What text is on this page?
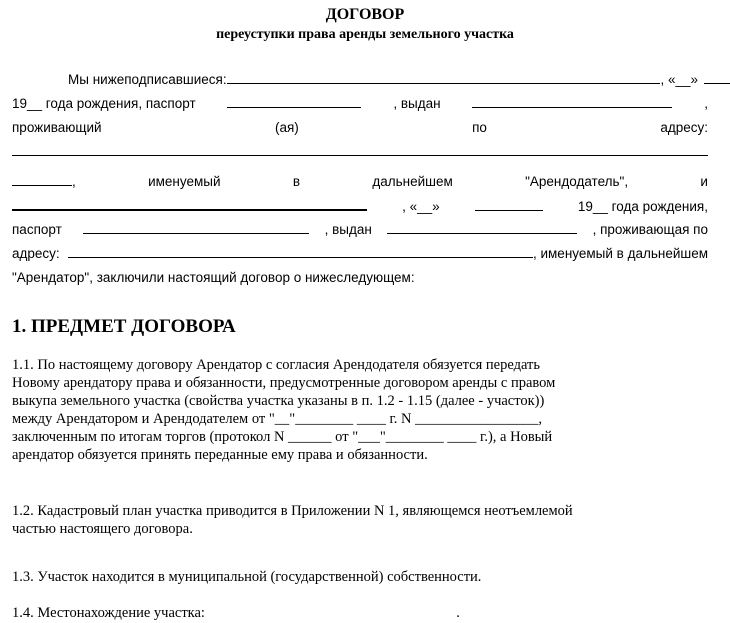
ДОГОВОР
переуступки права аренды земельного участка
Мы нижеподписавшиеся:	, «__»
19__ года рождения, паспорт	, выдан	,
проживающий	(ая)	по	адресу:
,	именуемый	в	дальнейшем	"Арендодатель",	и
, «__»	19__ года рождения,
паспорт	, выдан	, проживающая по
адресу:	, именуемый в дальнейшем
"Арендатор", заключили настоящий договор о нижеследующем:
1. ПРЕДМЕТ ДОГОВОРА
1.1. По настоящему договору Арендатор с согласия Арендодателя обязуется передать
Новому арендатору права и обязанности, предусмотренные договором аренды с правом
выкупа земельного участка (свойства участка указаны в п. 1.2 - 1.15 (далее - участок))
между Арендатором и Арендодателем от "__"________ ____ г. N _________________,
заключенным по итогам торгов (протокол N ______ от "___"________ ____ г.), а Новый
арендатор обязуется принять переданные ему права и обязанности.
1.2. Кадастровый план участка приводится в Приложении N 1, являющемся неотъемлемой
частью настоящего договора.
1.3. Участок находится в муниципальной (государственной) собственности.
1.4. Местонахождение участка:	.
